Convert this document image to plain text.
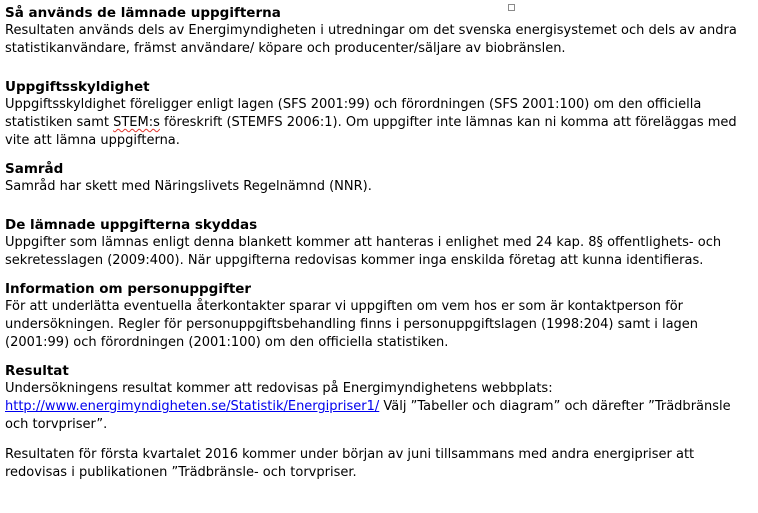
Så används de lämnade uppgifterna

Resultaten används dels av Energimyndigheten i utredningar om det svenska energisystemet och dels av andra statistikanvändare, främst användare/ köpare och producenter/säljare av biobränslen.

Uppgiftsskyldighet

Uppgiftsskyldighet föreligger enligt lagen (SFS 2001:99) och förordningen (SFS 2001:100) om den officiella statistiken samt STEM:s föreskrift (STEMFS 2006:1). Om uppgifter inte lämnas kan ni komma att föreläggas med vite att lämna uppgifterna.

Samråd

Samråd har skett med Näringslivets Regelnämnd (NNR).

De lämnade uppgifterna skyddas

Uppgifter som lämnas enligt denna blankett kommer att hanteras i enlighet med 24 kap. 8§ offentlighets- och sekretesslagen (2009:400). När uppgifterna redovisas kommer inga enskilda företag att kunna identifieras.

Information om personuppgifter

För att underlätta eventuella återkontakter sparar vi uppgiften om vem hos er som är kontaktperson för undersökningen. Regler för personuppgiftsbehandling finns i personuppgiftslagen (1998:204) samt i lagen (2001:99) och förordningen (2001:100) om den officiella statistiken.

Resultat

Undersökningens resultat kommer att redovisas på Energimyndighetens webbplats:
http://www.energimyndigheten.se/Statistik/Energipriser1/ Välj ”Tabeller och diagram” och därefter ”Trädbränsle och torvpriser”.

Resultaten för första kvartalet 2016 kommer under början av juni tillsammans med andra energipriser att redovisas i publikationen ”Trädbränsle- och torvpriser.
